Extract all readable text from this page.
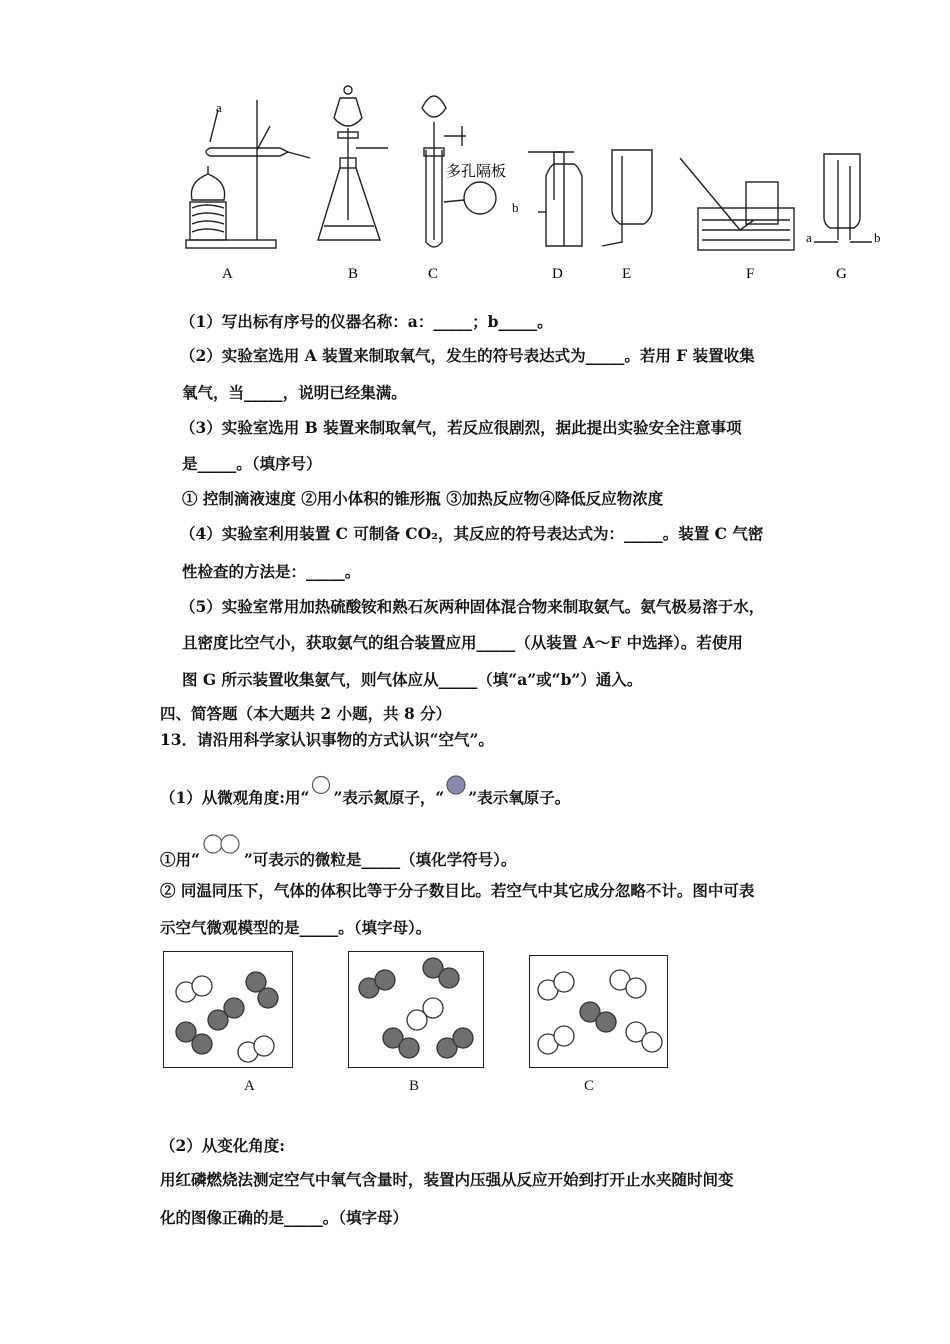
A	B	C	D	E	F	G
a
b
多孔隔板
a	b
（1）写出标有序号的仪器名称：a：_____；b_____。
（2）实验室选用 A 装置来制取氧气，发生的符号表达式为_____。若用 F 装置收集
氧气，当_____，说明已经集满。
（3）实验室选用 B 装置来制取氧气，若反应很剧烈，据此提出实验安全注意事项
是_____。（填序号）
① 控制滴液速度 ②用小体积的锥形瓶 ③加热反应物④降低反应物浓度
（4）实验室利用装置 C 可制备 CO₂，其反应的符号表达式为：_____。装置 C 气密
性检查的方法是：_____。
（5）实验室常用加热硫酸铵和熟石灰两种固体混合物来制取氨气。氨气极易溶于水，
且密度比空气小，获取氨气的组合装置应用_____（从装置 A～F 中选择）。若使用
图 G 所示装置收集氨气，则气体应从_____（填“a”或“b”）通入。
四、简答题（本大题共 2 小题，共 8 分）
13．请沿用科学家认识事物的方式认识“空气”。
（1）从微观角度:用“ ”表示氮原子，“ ”表示氧原子。
①用“	”可表示的微粒是_____（填化学符号）。
② 同温同压下，气体的体积比等于分子数目比。若空气中其它成分忽略不计。图中可表
示空气微观模型的是_____。（填字母）。
A	B	C
（2）从变化角度:
用红磷燃烧法测定空气中氧气含量时，装置内压强从反应开始到打开止水夹随时间变
化的图像正确的是_____。（填字母）
